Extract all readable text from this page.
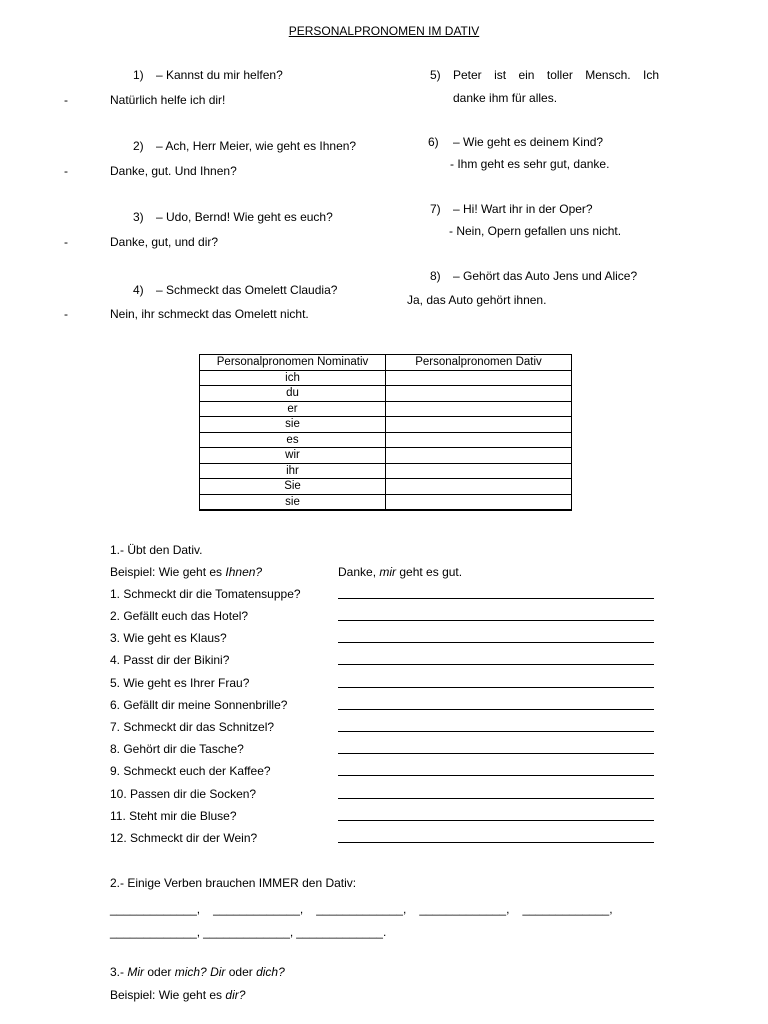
PERSONALPRONOMEN IM DATIV
1) – Kannst du mir helfen?
-	Natürlich helfe ich dir!
2) – Ach, Herr Meier, wie geht es Ihnen?
-	Danke, gut. Und Ihnen?
3) – Udo, Bernd! Wie geht es euch?
-	Danke, gut, und dir?
4) – Schmeckt das Omelett Claudia?
-	Nein, ihr schmeckt das Omelett nicht.
5) Peter ist ein toller Mensch. Ich
danke ihm für alles.
6) – Wie geht es deinem Kind?
- Ihm geht es sehr gut, danke.
7) – Hi! Wart ihr in der Oper?
- Nein, Opern gefallen uns nicht.
8) – Gehört das Auto Jens und Alice?
Ja, das Auto gehört ihnen.
Personalpronomen Nominativ	Personalpronomen Dativ
ich	
du	
er	
sie	
es	
wir	
ihr	
Sie	
sie	
1.- Übt den Dativ.
Beispiel: Wie geht es Ihnen?	Danke, mir geht es gut.
1. Schmeckt dir die Tomatensuppe?
2. Gefällt euch das Hotel?
3. Wie geht es Klaus?
4. Passt dir der Bikini?
5. Wie geht es Ihrer Frau?
6. Gefällt dir meine Sonnenbrille?
7. Schmeckt dir das Schnitzel?
8. Gehört dir die Tasche?
9. Schmeckt euch der Kaffee?
10. Passen dir die Socken?
11. Steht mir die Bluse?
12. Schmeckt dir der Wein?
2.- Einige Verben brauchen IMMER den Dativ:
_____________, _____________, _____________, _____________, _____________,
_____________, _____________, _____________.
3.- Mir oder mich? Dir oder dich?
Beispiel: Wie geht es dir?
